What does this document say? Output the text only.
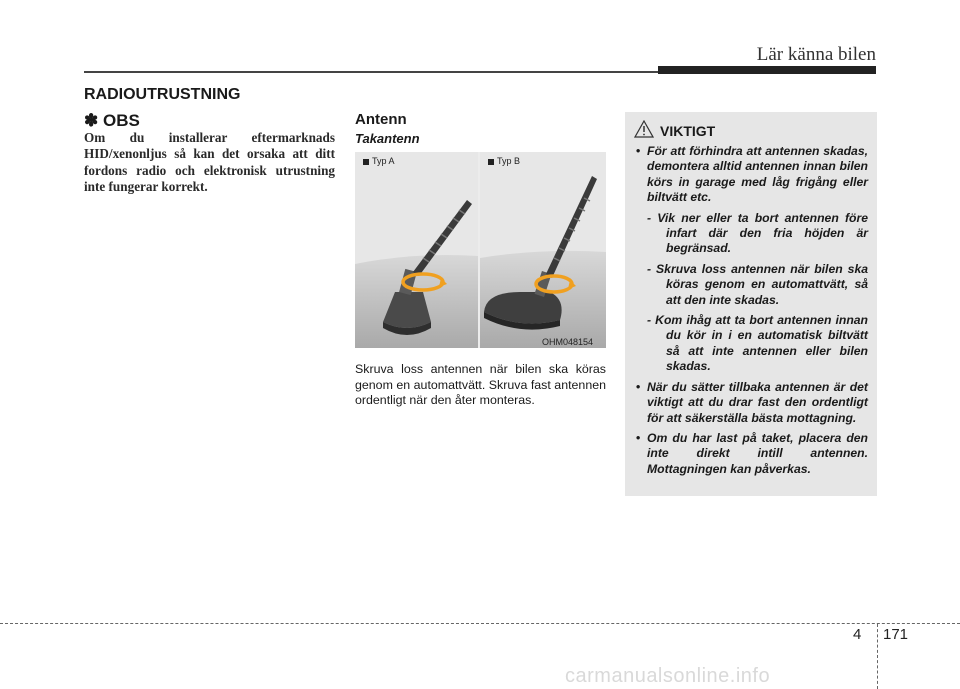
Lär känna bilen
RADIOUTRUSTNING
✽ OBS
Om du installerar eftermarknads HID/xenonljus så kan det orsaka att ditt fordons radio och elektronisk utrustning inte fungerar korrekt.
Antenn
Takantenn
Typ A	Typ B
OHM048154
Skruva loss antennen när bilen ska köras genom en automattvätt. Skruva fast antennen ordentligt när den åter monteras.
VIKTIGT
• För att förhindra att antennen skadas, demontera alltid antennen innan bilen körs in garage med låg frigång eller biltvätt etc.
- Vik ner eller ta bort antennen före infart där den fria höjden är begränsad.
- Skruva loss antennen när bilen ska köras genom en automattvätt, så att den inte skadas.
- Kom ihåg att ta bort antennen innan du kör in i en automatisk biltvätt så att inte antennen eller bilen skadas.
• När du sätter tillbaka antennen är det viktigt att du drar fast den ordentligt för att säkerställa bästa mottagning.
• Om du har last på taket, placera den inte direkt intill antennen. Mottagningen kan påverkas.
4 171
carmanualsonline.info
